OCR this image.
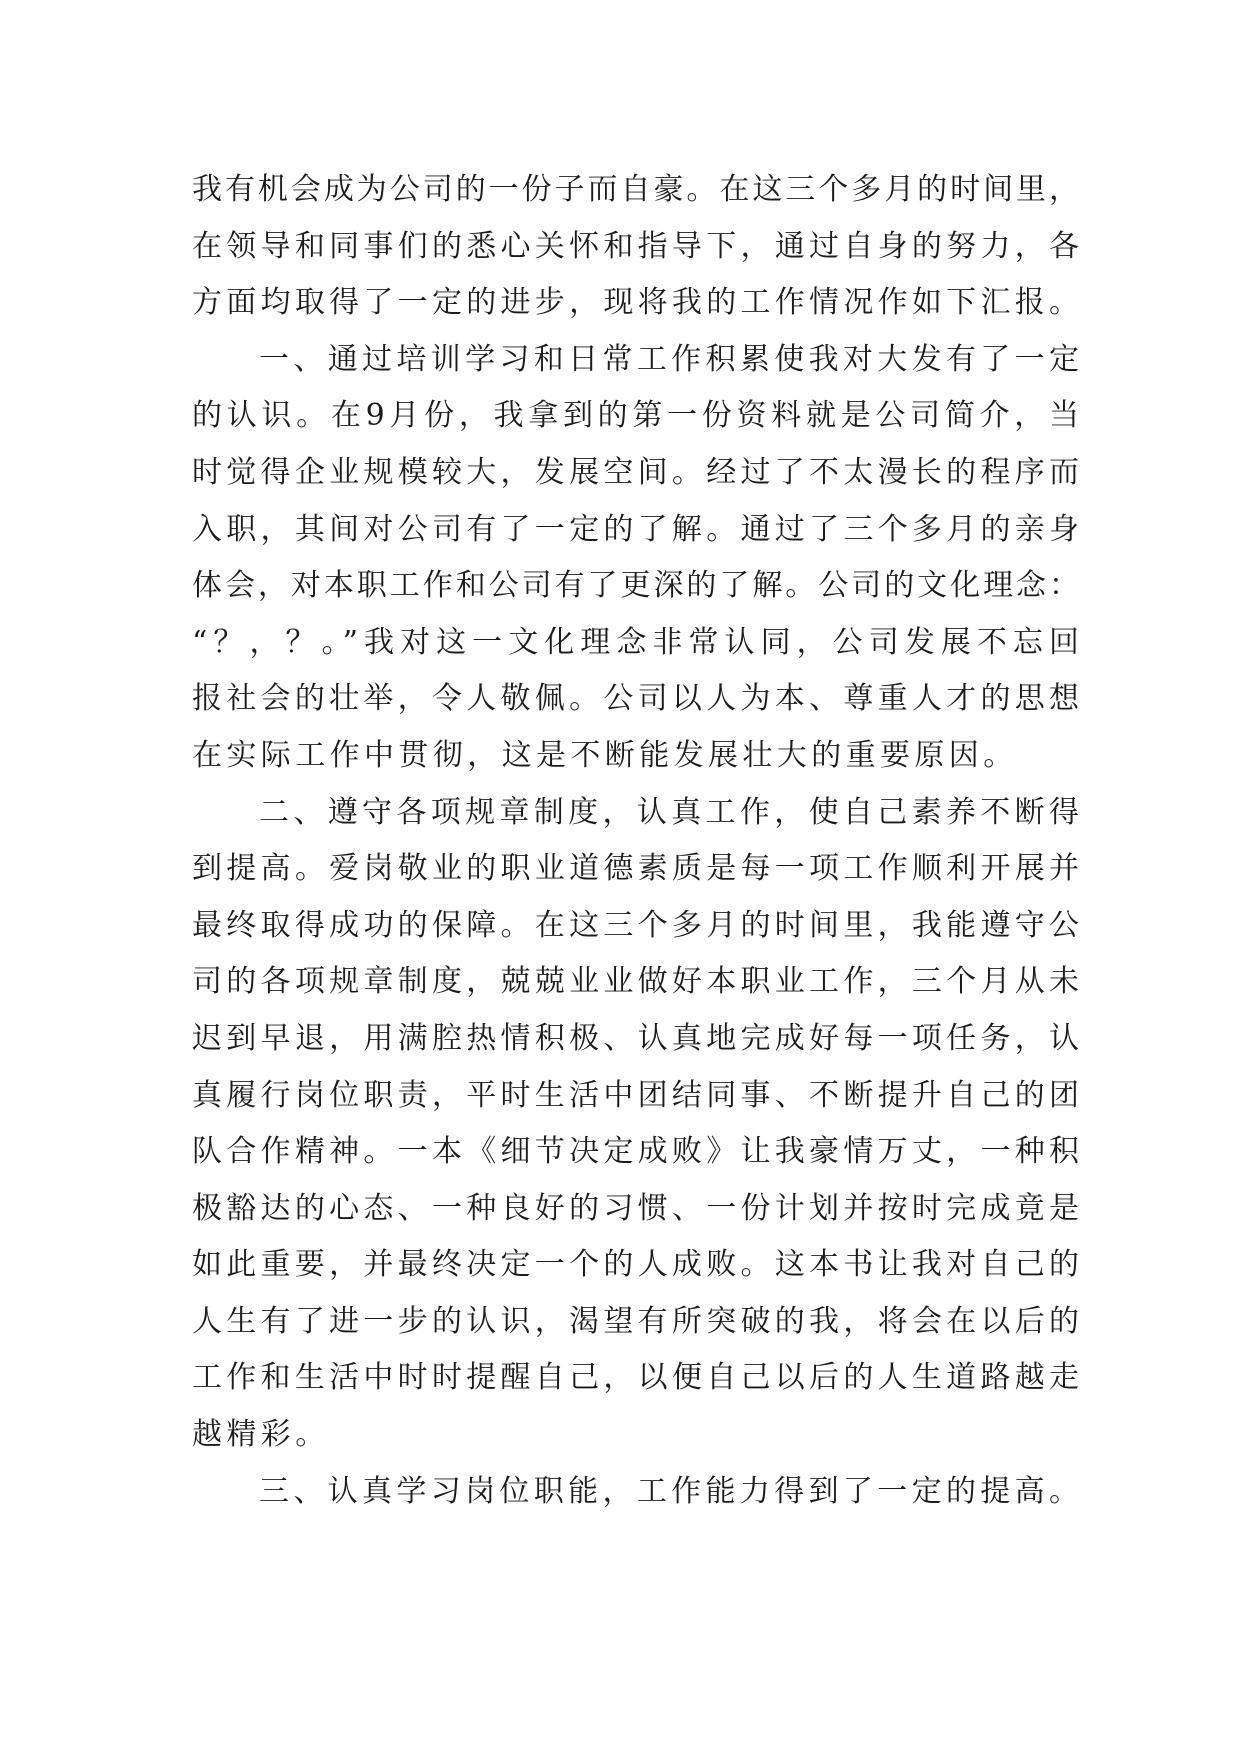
我有机会成为公司的一份子而自豪。在这三个多月的时间里，
在领导和同事们的悉心关怀和指导下，通过自身的努力，各
方面均取得了一定的进步，现将我的工作情况作如下汇报。
一、通过培训学习和日常工作积累使我对大发有了一定
的认识。在9月份，我拿到的第一份资料就是公司简介，当
时觉得企业规模较大，发展空间。经过了不太漫长的程序而
入职，其间对公司有了一定的了解。通过了三个多月的亲身
体会，对本职工作和公司有了更深的了解。公司的文化理念：
“？，？。”我对这一文化理念非常认同，公司发展不忘回
报社会的壮举，令人敬佩。公司以人为本、尊重人才的思想
在实际工作中贯彻，这是不断能发展壮大的重要原因。
二、遵守各项规章制度，认真工作，使自己素养不断得
到提高。爱岗敬业的职业道德素质是每一项工作顺利开展并
最终取得成功的保障。在这三个多月的时间里，我能遵守公
司的各项规章制度，兢兢业业做好本职业工作，三个月从未
迟到早退，用满腔热情积极、认真地完成好每一项任务，认
真履行岗位职责，平时生活中团结同事、不断提升自己的团
队合作精神。一本《细节决定成败》让我豪情万丈，一种积
极豁达的心态、一种良好的习惯、一份计划并按时完成竟是
如此重要，并最终决定一个的人成败。这本书让我对自己的
人生有了进一步的认识，渴望有所突破的我，将会在以后的
工作和生活中时时提醒自己，以便自己以后的人生道路越走
越精彩。
三、认真学习岗位职能，工作能力得到了一定的提高。
